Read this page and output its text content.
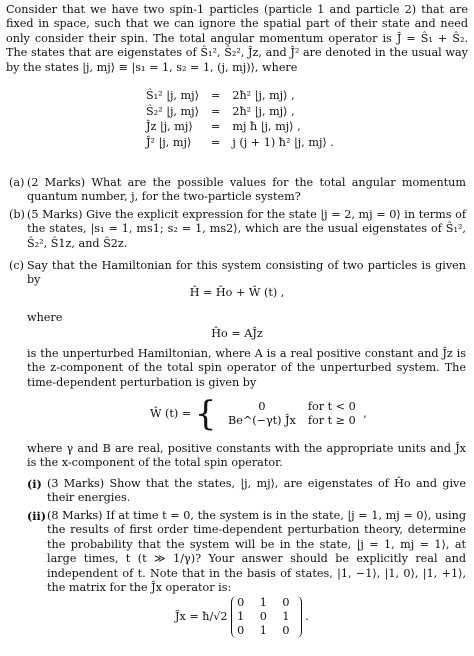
Consider that we have two spin-1 particles (particle 1 and particle 2) that are fixed in space, such that we can ignore the spatial part of their state and need only consider their spin. The total angular momentum operator is Ĵ = Ŝ₁ + Ŝ₂. The states that are eigenstates of Ŝ₁², Ŝ₂², Ĵz, and Ĵ² are denoted in the usual way by the states |j, mj⟩ ≡ |s₁ = 1, s₂ = 1, (j, mj)⟩, where
Ŝ₁² |j, mj⟩	=	2ħ² |j, mj⟩ ,
Ŝ₂² |j, mj⟩	=	2ħ² |j, mj⟩ ,
Ĵz |j, mj⟩	=	mj ħ |j, mj⟩ ,
Ĵ² |j, mj⟩	=	j (j + 1) ħ² |j, mj⟩ .
(a) (2 Marks) What are the possible values for the total angular momentum quantum number, j, for the two-particle system?
(b) (5 Marks) Give the explicit expression for the state |j = 2, mj = 0⟩ in terms of the states, |s₁ = 1, ms1; s₂ = 1, ms2⟩, which are the usual eigenstates of Ŝ₁², Ŝ₂², Ŝ1z, and Ŝ2z.
(c) Say that the Hamiltonian for this system consisting of two particles is given by
Ĥ = Ĥo + Ŵ (t) ,
where
Ĥo = AĴz
is the unperturbed Hamiltonian, where A is a real positive constant and Ĵz is the z-component of the total spin operator of the unperturbed system. The time-dependent perturbation is given by
Ŵ (t) = {	0	for t < 0
Be^(−γt) Ĵx	for t ≥ 0 ,
where γ and B are real, positive constants with the appropriate units and Ĵx is the x-component of the total spin operator.
(i) (3 Marks) Show that the states, |j, mj⟩, are eigenstates of Ĥo and give their energies.
(ii) (8 Marks) If at time t = 0, the system is in the state, |j = 1, mj = 0⟩, using the results of first order time-dependent perturbation theory, determine the probability that the system will be in the state, |j = 1, mj = 1⟩, at large times, t (t ≫ 1/γ)? Your answer should be explicitly real and independent of t. Note that in the basis of states, |1, −1⟩, |1, 0⟩, |1, +1⟩, the matrix for the Ĵx operator is:
J̃x = ħ/√2
0 1 0
1 0 1
0 1 0
.
